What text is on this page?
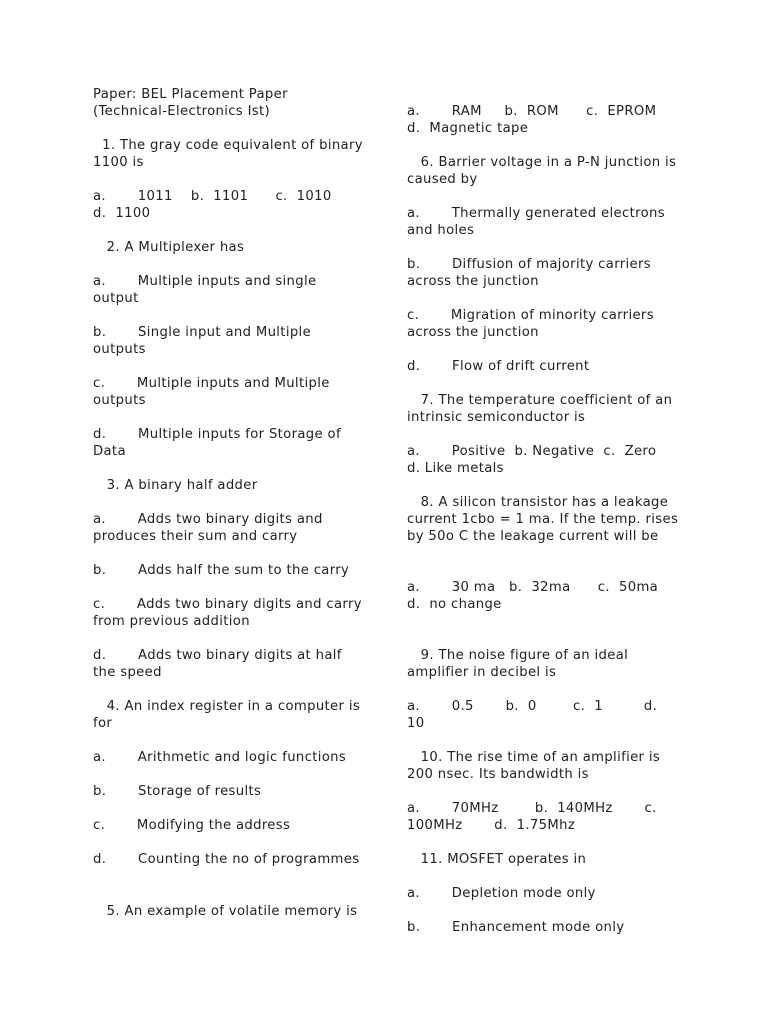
Paper: BEL Placement Paper
(Technical-Electronics Ist)
1. The gray code equivalent of binary 1100 is
a.       1011    b.  1101      c.  1010      d.  1100
2. A Multiplexer has
a.       Multiple inputs and single output
b.       Single input and Multiple outputs
c.       Multiple inputs and Multiple outputs
d.       Multiple inputs for Storage of Data
3. A binary half adder
a.       Adds two binary digits and produces their sum and carry
b.       Adds half the sum to the carry
c.       Adds two binary digits and carry from previous addition
d.       Adds two binary digits at half the speed
4. An index register in a computer is for
a.       Arithmetic and logic functions
b.       Storage of results
c.       Modifying the address
d.       Counting the no of programmes
5. An example of volatile memory is
a.       RAM     b.  ROM      c.  EPROM      d.  Magnetic tape
6. Barrier voltage in a P-N junction is caused by
a.       Thermally generated electrons and holes
b.       Diffusion of majority carriers across the junction
c.       Migration of minority carriers across the junction
d.       Flow of drift current
7. The temperature coefficient of an intrinsic semiconductor is
a.       Positive  b. Negative  c.  Zero   d. Like metals
8. A silicon transistor has a leakage current 1cbo = 1 ma. If the temp. rises by 50o C the leakage current will be
a.       30 ma   b.  32ma      c.  50ma      d.  no change
9. The noise figure of an ideal amplifier in decibel is
a.       0.5       b.  0        c.  1         d.  10
10. The rise time of an amplifier is 200 nsec. Its bandwidth is
a.       70MHz        b.  140MHz       c.  100MHz       d.  1.75Mhz
11. MOSFET operates in
a.       Depletion mode only
b.       Enhancement mode only
